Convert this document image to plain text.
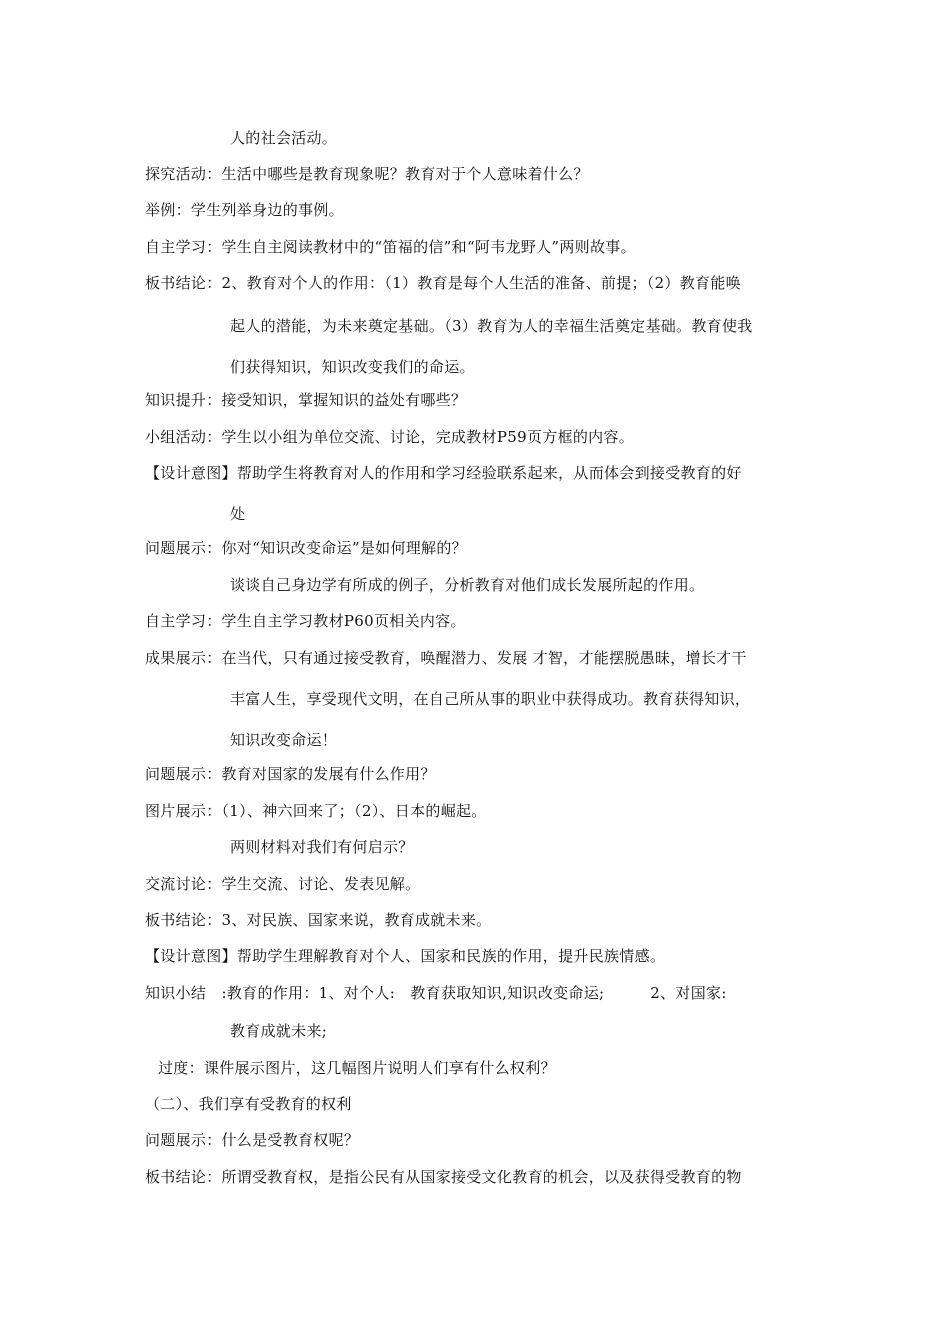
人的社会活动。
探究活动：生活中哪些是教育现象呢？教育对于个人意味着什么？
举例：学生列举身边的事例。
自主学习：学生自主阅读教材中的“笛福的信”和“阿韦龙野人”两则故事。
板书结论：2、教育对个人的作用：（1）教育是每个人生活的准备、前提；（2）教育能唤
起人的潜能，为未来奠定基础。（3）教育为人的幸福生活奠定基础。教育使我
们获得知识，知识改变我们的命运。
知识提升：接受知识，掌握知识的益处有哪些？
小组活动：学生以小组为单位交流、讨论，完成教材P59页方框的内容。
【设计意图】帮助学生将教育对人的作用和学习经验联系起来，从而体会到接受教育的好
处
问题展示：你对“知识改变命运”是如何理解的？
谈谈自己身边学有所成的例子，分析教育对他们成长发展所起的作用。
自主学习：学生自主学习教材P60页相关内容。
成果展示：在当代，只有通过接受教育，唤醒潜力、发展 才智，才能摆脱愚昧，增长才干
丰富人生，享受现代文明，在自己所从事的职业中获得成功。教育获得知识，
知识改变命运！
问题展示：教育对国家的发展有什么作用？
图片展示：（1）、神六回来了；（2）、日本的崛起。
两则材料对我们有何启示？
交流讨论：学生交流、讨论、发表见解。
板书结论：3、对民族、国家来说，教育成就未来。
【设计意图】帮助学生理解教育对个人、国家和民族的作用，提升民族情感。
知识小结　:教育的作用：1、对个人:　教育获取知识,知识改变命运;　　　2、对国家:
教育成就未来;
过度：课件展示图片，这几幅图片说明人们享有什么权利？
（二）、我们享有受教育的权利
问题展示：什么是受教育权呢？
板书结论：所谓受教育权，是指公民有从国家接受文化教育的机会，以及获得受教育的物
